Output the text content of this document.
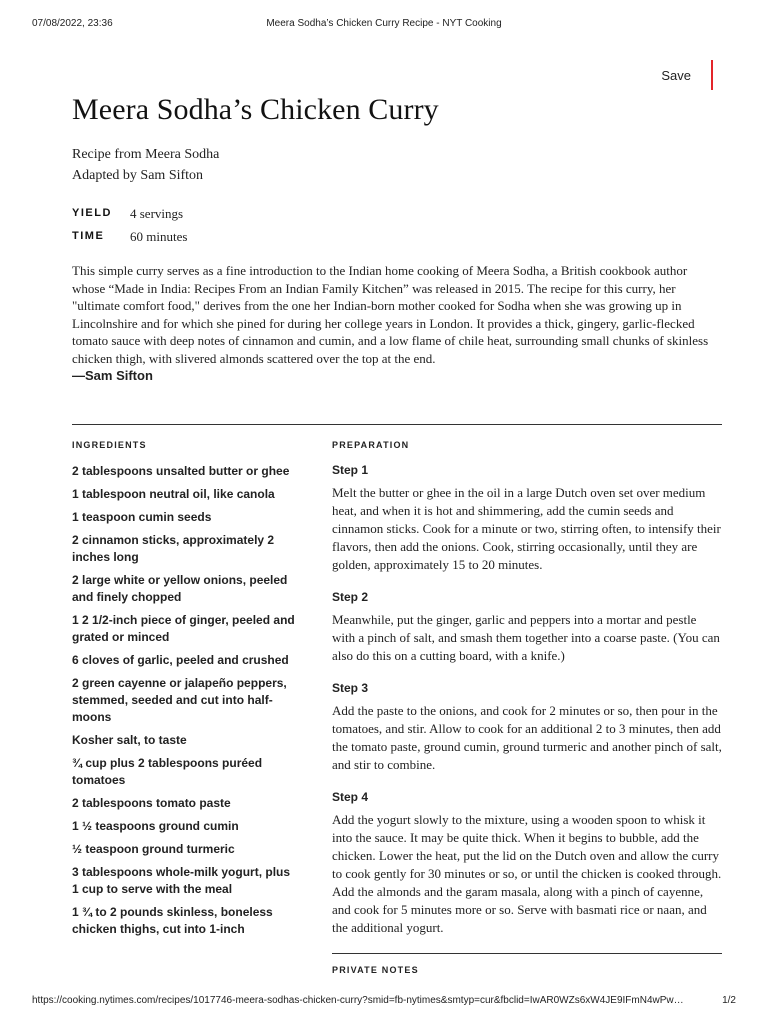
07/08/2022, 23:36	Meera Sodha’s Chicken Curry Recipe - NYT Cooking
Save
Meera Sodha’s Chicken Curry
Recipe from Meera Sodha
Adapted by Sam Sifton
YIELD	4 servings
TIME	60 minutes
This simple curry serves as a fine introduction to the Indian home cooking of Meera Sodha, a British cookbook author whose “Made in India: Recipes From an Indian Family Kitchen” was released in 2015. The recipe for this curry, her "ultimate comfort food," derives from the one her Indian-born mother cooked for Sodha when she was growing up in Lincolnshire and for which she pined for during her college years in London. It provides a thick, gingery, garlic-flecked tomato sauce with deep notes of cinnamon and cumin, and a low flame of chile heat, surrounding small chunks of skinless chicken thigh, with slivered almonds scattered over the top at the end.
—Sam Sifton
INGREDIENTS
2 tablespoons unsalted butter or ghee
1 tablespoon neutral oil, like canola
1 teaspoon cumin seeds
2 cinnamon sticks, approximately 2 inches long
2 large white or yellow onions, peeled and finely chopped
1 2 1/2-inch piece of ginger, peeled and grated or minced
6 cloves of garlic, peeled and crushed
2 green cayenne or jalapeño peppers, stemmed, seeded and cut into half-moons
Kosher salt, to taste
¾ cup plus 2 tablespoons puréed tomatoes
2 tablespoons tomato paste
1 ½ teaspoons ground cumin
½ teaspoon ground turmeric
3 tablespoons whole-milk yogurt, plus 1 cup to serve with the meal
1 ¾ to 2 pounds skinless, boneless chicken thighs, cut into 1-inch
PREPARATION
Step 1
Melt the butter or ghee in the oil in a large Dutch oven set over medium heat, and when it is hot and shimmering, add the cumin seeds and cinnamon sticks. Cook for a minute or two, stirring often, to intensify their flavors, then add the onions. Cook, stirring occasionally, until they are golden, approximately 15 to 20 minutes.
Step 2
Meanwhile, put the ginger, garlic and peppers into a mortar and pestle with a pinch of salt, and smash them together into a coarse paste. (You can also do this on a cutting board, with a knife.)
Step 3
Add the paste to the onions, and cook for 2 minutes or so, then pour in the tomatoes, and stir. Allow to cook for an additional 2 to 3 minutes, then add the tomato paste, ground cumin, ground turmeric and another pinch of salt, and stir to combine.
Step 4
Add the yogurt slowly to the mixture, using a wooden spoon to whisk it into the sauce. It may be quite thick. When it begins to bubble, add the chicken. Lower the heat, put the lid on the Dutch oven and allow the curry to cook gently for 30 minutes or so, or until the chicken is cooked through. Add the almonds and the garam masala, along with a pinch of cayenne, and cook for 5 minutes more or so. Serve with basmati rice or naan, and the additional yogurt.
PRIVATE NOTES
https://cooking.nytimes.com/recipes/1017746-meera-sodhas-chicken-curry?smid=fb-nytimes&smtyp=cur&fbclid=IwAR0WZs6xW4JE9IFmN4wPw…	1/2
